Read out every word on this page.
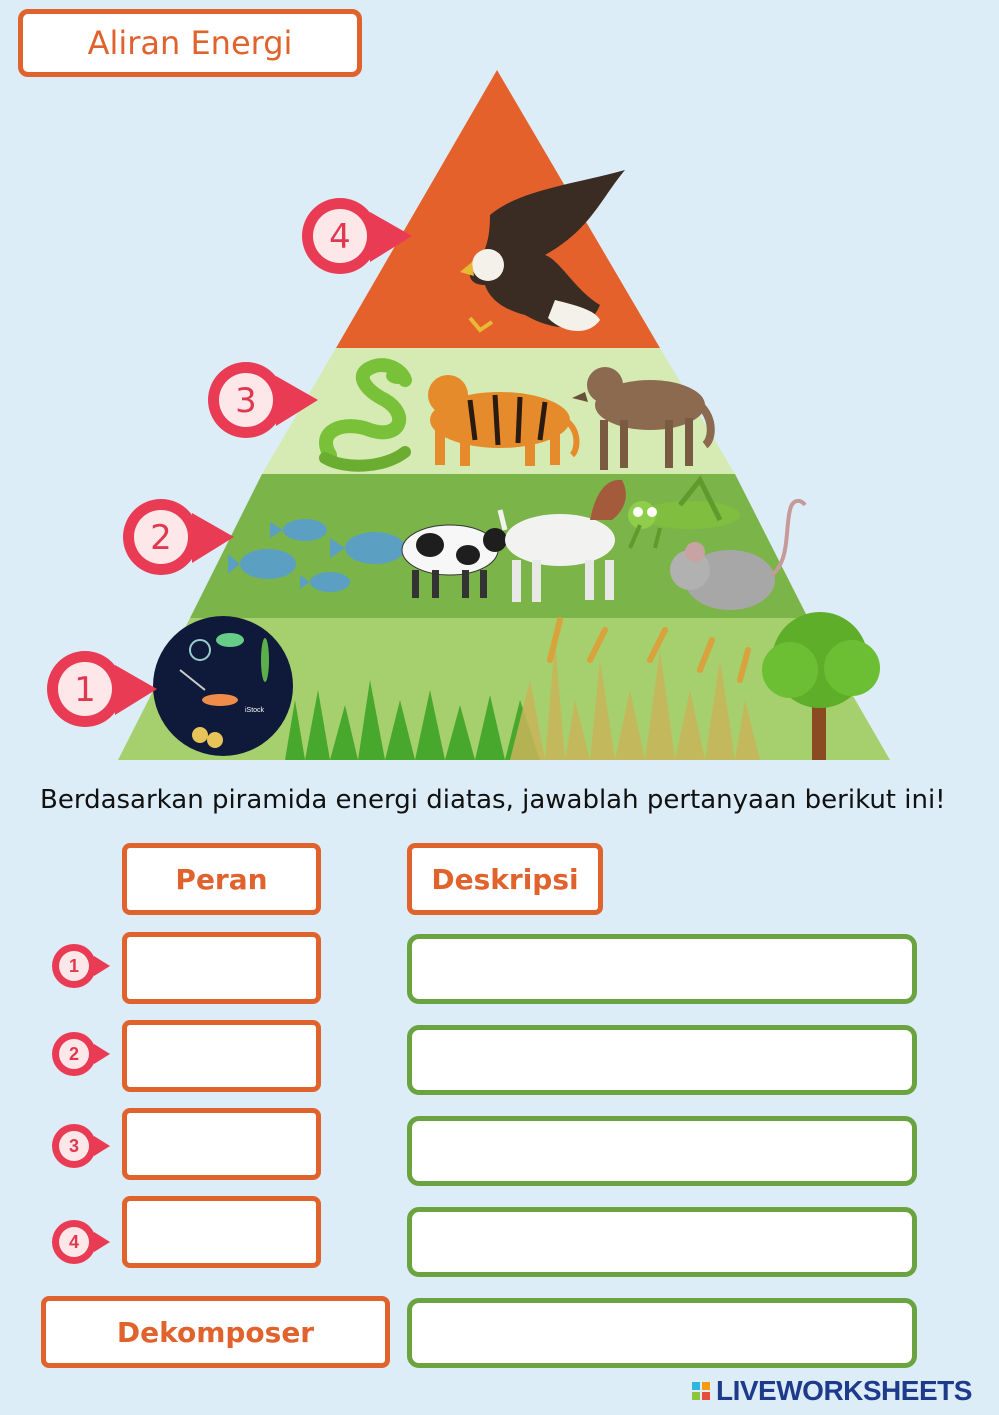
Aliran Energi
iStock
4
3
2
1
Berdasarkan piramida energi diatas, jawablah pertanyaan berikut ini!
Peran	Deskripsi
1
2
3
4
Dekomposer
LIVEWORKSHEETS
